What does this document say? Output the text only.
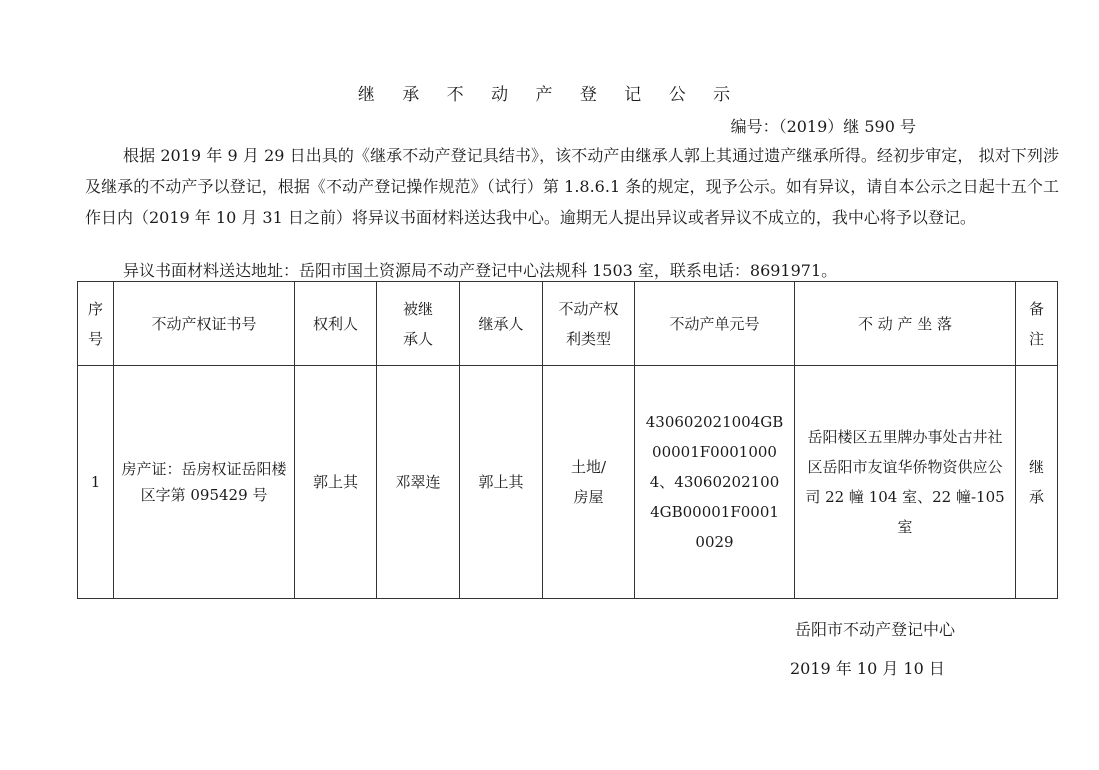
继 承 不 动 产 登 记 公 示
编号：（2019）继 590 号
根据 2019 年 9 月 29 日出具的《继承不动产登记具结书》，该不动产由继承人郭上其通过遗产继承所得。经初步审定， 拟对下列涉及继承的不动产予以登记，根据《不动产登记操作规范》（试行）第 1.8.6.1 条的规定，现予公示。如有异议，请自本公示之日起十五个工作日内（2019 年 10 月 31 日之前）将异议书面材料送达我中心。逾期无人提出异议或者异议不成立的，我中心将予以登记。
异议书面材料送达地址：岳阳市国土资源局不动产登记中心法规科 1503 室，联系电话：8691971。
序号	不动产权证书号	权利人	被继承人	继承人	不动产权利类型	不动产单元号	不 动 产 坐 落	备注
1	房产证：岳房权证岳阳楼区字第 095429 号	郭上其	邓翠连	郭上其	土地/房屋	430602021004GB00001F00010004、430602021004GB00001F00010029	岳阳楼区五里牌办事处古井社区岳阳市友谊华侨物资供应公司 22 幢 104 室、22 幢-105 室	继承
岳阳市不动产登记中心
2019 年 10 月 10 日
